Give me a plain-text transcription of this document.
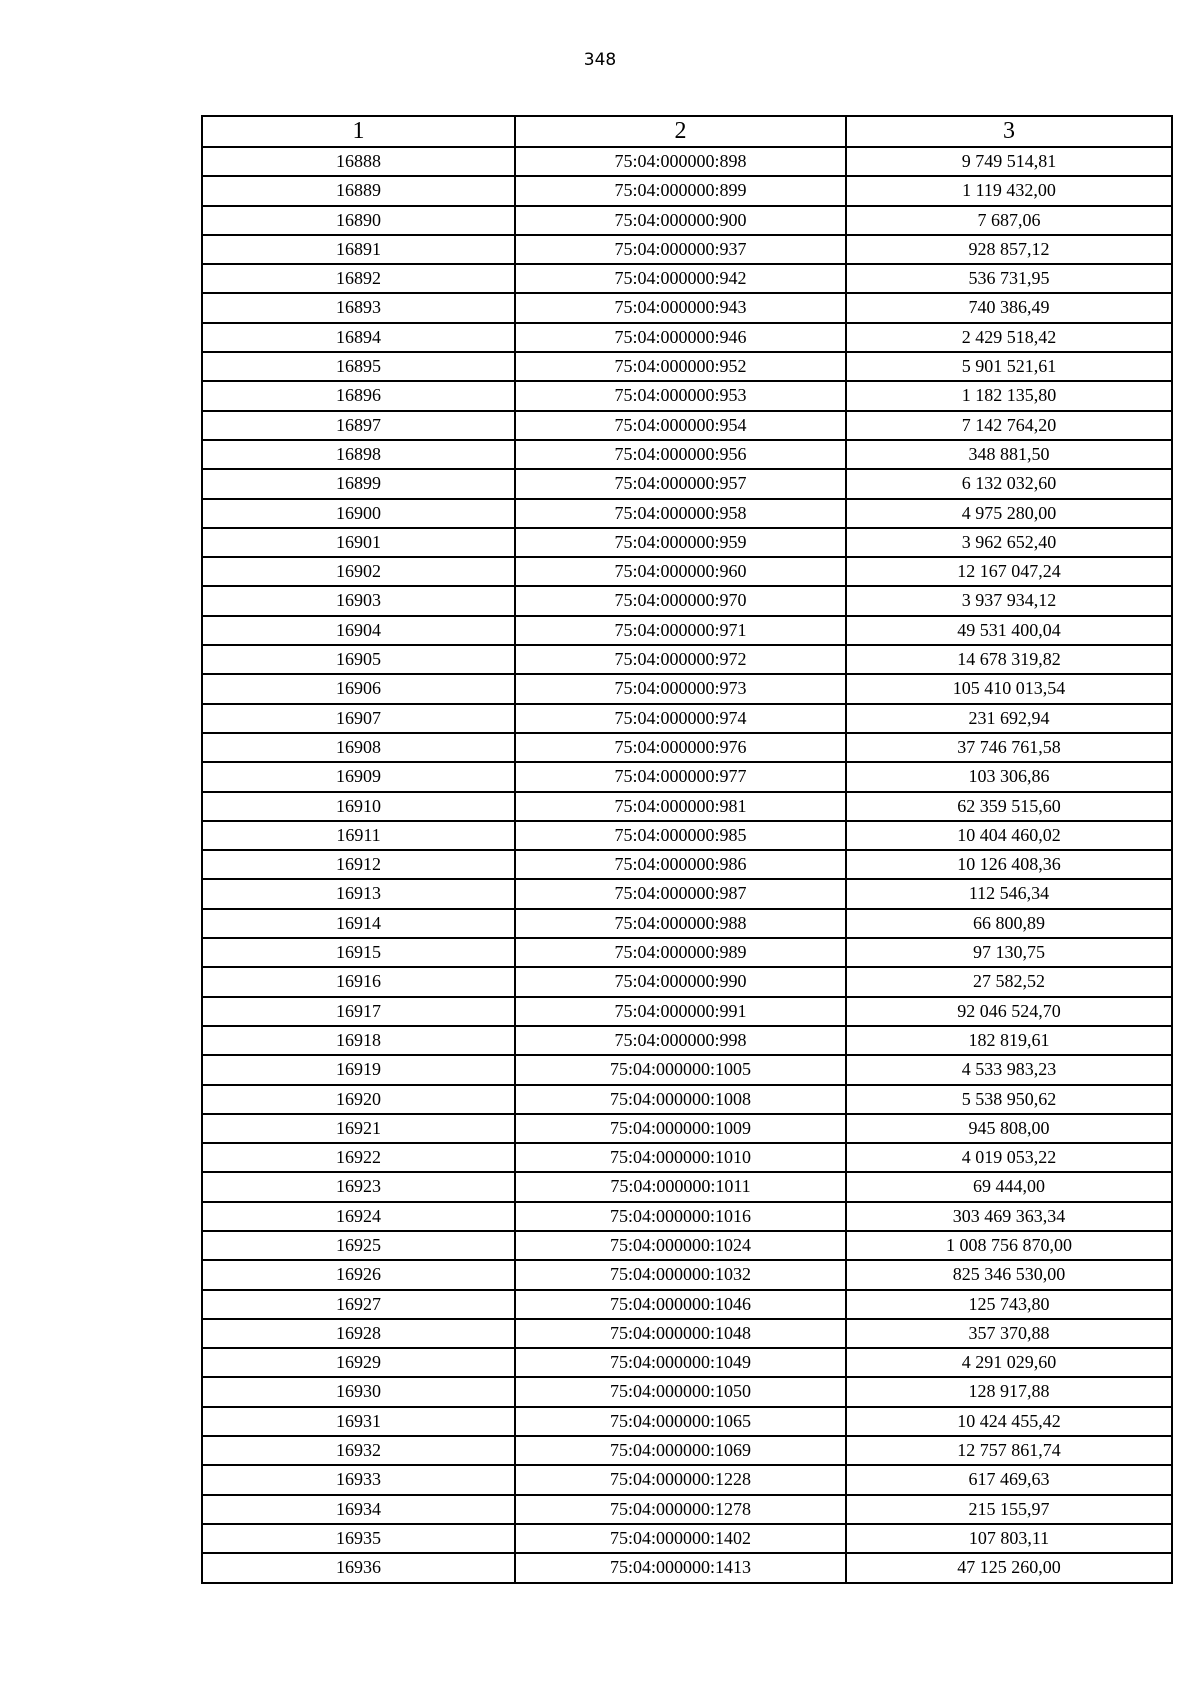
348
1	2	3
16888	75:04:000000:898	9 749 514,81
16889	75:04:000000:899	1 119 432,00
16890	75:04:000000:900	7 687,06
16891	75:04:000000:937	928 857,12
16892	75:04:000000:942	536 731,95
16893	75:04:000000:943	740 386,49
16894	75:04:000000:946	2 429 518,42
16895	75:04:000000:952	5 901 521,61
16896	75:04:000000:953	1 182 135,80
16897	75:04:000000:954	7 142 764,20
16898	75:04:000000:956	348 881,50
16899	75:04:000000:957	6 132 032,60
16900	75:04:000000:958	4 975 280,00
16901	75:04:000000:959	3 962 652,40
16902	75:04:000000:960	12 167 047,24
16903	75:04:000000:970	3 937 934,12
16904	75:04:000000:971	49 531 400,04
16905	75:04:000000:972	14 678 319,82
16906	75:04:000000:973	105 410 013,54
16907	75:04:000000:974	231 692,94
16908	75:04:000000:976	37 746 761,58
16909	75:04:000000:977	103 306,86
16910	75:04:000000:981	62 359 515,60
16911	75:04:000000:985	10 404 460,02
16912	75:04:000000:986	10 126 408,36
16913	75:04:000000:987	112 546,34
16914	75:04:000000:988	66 800,89
16915	75:04:000000:989	97 130,75
16916	75:04:000000:990	27 582,52
16917	75:04:000000:991	92 046 524,70
16918	75:04:000000:998	182 819,61
16919	75:04:000000:1005	4 533 983,23
16920	75:04:000000:1008	5 538 950,62
16921	75:04:000000:1009	945 808,00
16922	75:04:000000:1010	4 019 053,22
16923	75:04:000000:1011	69 444,00
16924	75:04:000000:1016	303 469 363,34
16925	75:04:000000:1024	1 008 756 870,00
16926	75:04:000000:1032	825 346 530,00
16927	75:04:000000:1046	125 743,80
16928	75:04:000000:1048	357 370,88
16929	75:04:000000:1049	4 291 029,60
16930	75:04:000000:1050	128 917,88
16931	75:04:000000:1065	10 424 455,42
16932	75:04:000000:1069	12 757 861,74
16933	75:04:000000:1228	617 469,63
16934	75:04:000000:1278	215 155,97
16935	75:04:000000:1402	107 803,11
16936	75:04:000000:1413	47 125 260,00
